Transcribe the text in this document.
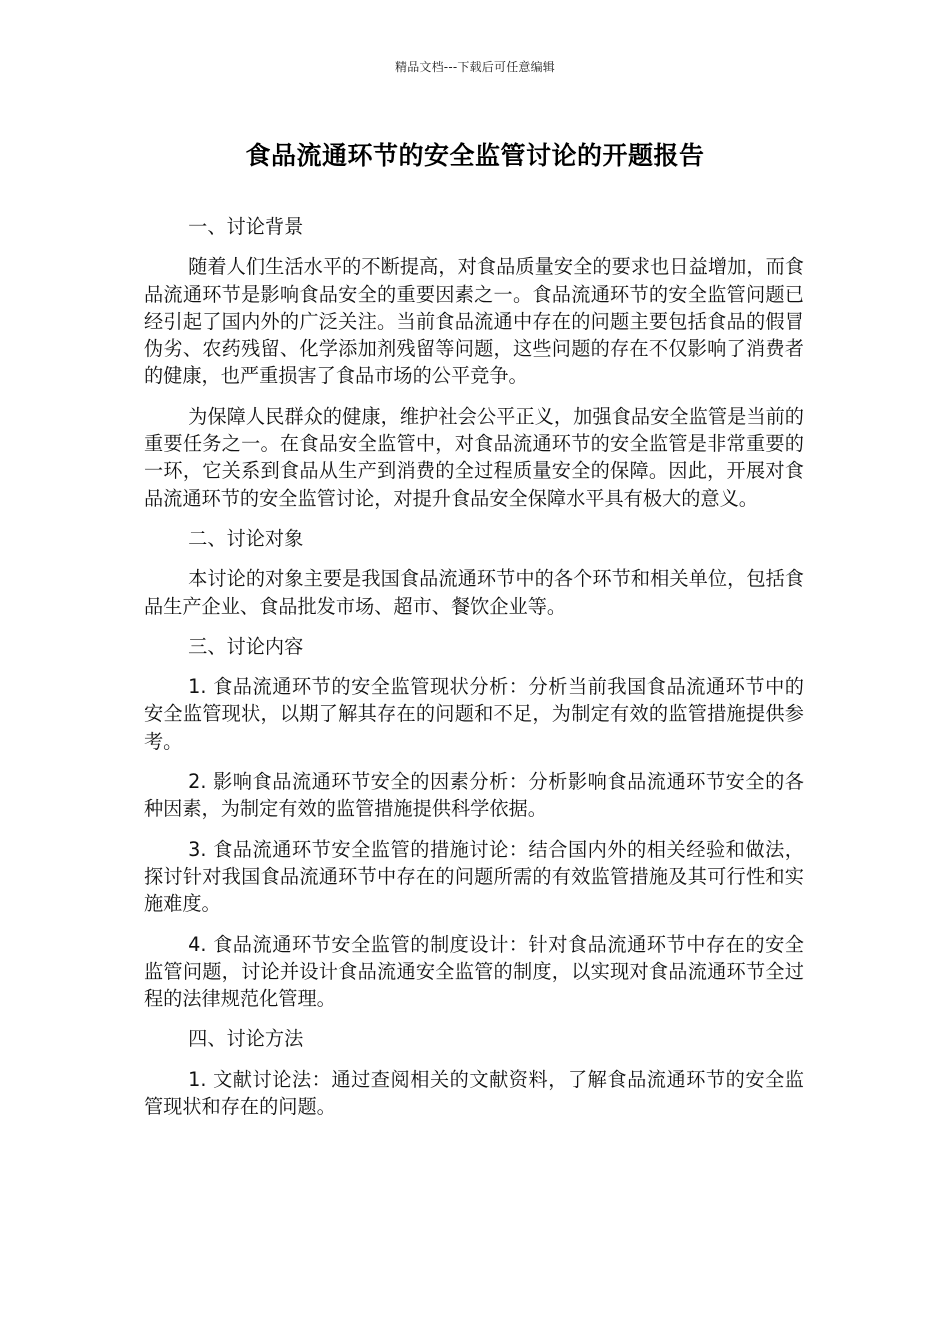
精品文档---下载后可任意编辑
食品流通环节的安全监管讨论的开题报告

一、讨论背景

随着人们生活水平的不断提高，对食品质量安全的要求也日益增加，而食品流通环节是影响食品安全的重要因素之一。食品流通环节的安全监管问题已经引起了国内外的广泛关注。当前食品流通中存在的问题主要包括食品的假冒伪劣、农药残留、化学添加剂残留等问题，这些问题的存在不仅影响了消费者的健康，也严重损害了食品市场的公平竞争。

为保障人民群众的健康，维护社会公平正义，加强食品安全监管是当前的重要任务之一。在食品安全监管中，对食品流通环节的安全监管是非常重要的一环，它关系到食品从生产到消费的全过程质量安全的保障。因此，开展对食品流通环节的安全监管讨论，对提升食品安全保障水平具有极大的意义。

二、讨论对象

本讨论的对象主要是我国食品流通环节中的各个环节和相关单位，包括食品生产企业、食品批发市场、超市、餐饮企业等。

三、讨论内容

1. 食品流通环节的安全监管现状分析：分析当前我国食品流通环节中的安全监管现状，以期了解其存在的问题和不足，为制定有效的监管措施提供参考。

2. 影响食品流通环节安全的因素分析：分析影响食品流通环节安全的各种因素，为制定有效的监管措施提供科学依据。

3. 食品流通环节安全监管的措施讨论：结合国内外的相关经验和做法，探讨针对我国食品流通环节中存在的问题所需的有效监管措施及其可行性和实施难度。

4. 食品流通环节安全监管的制度设计：针对食品流通环节中存在的安全监管问题，讨论并设计食品流通安全监管的制度，以实现对食品流通环节全过程的法律规范化管理。

四、讨论方法

1. 文献讨论法：通过查阅相关的文献资料，了解食品流通环节的安全监管现状和存在的问题。
